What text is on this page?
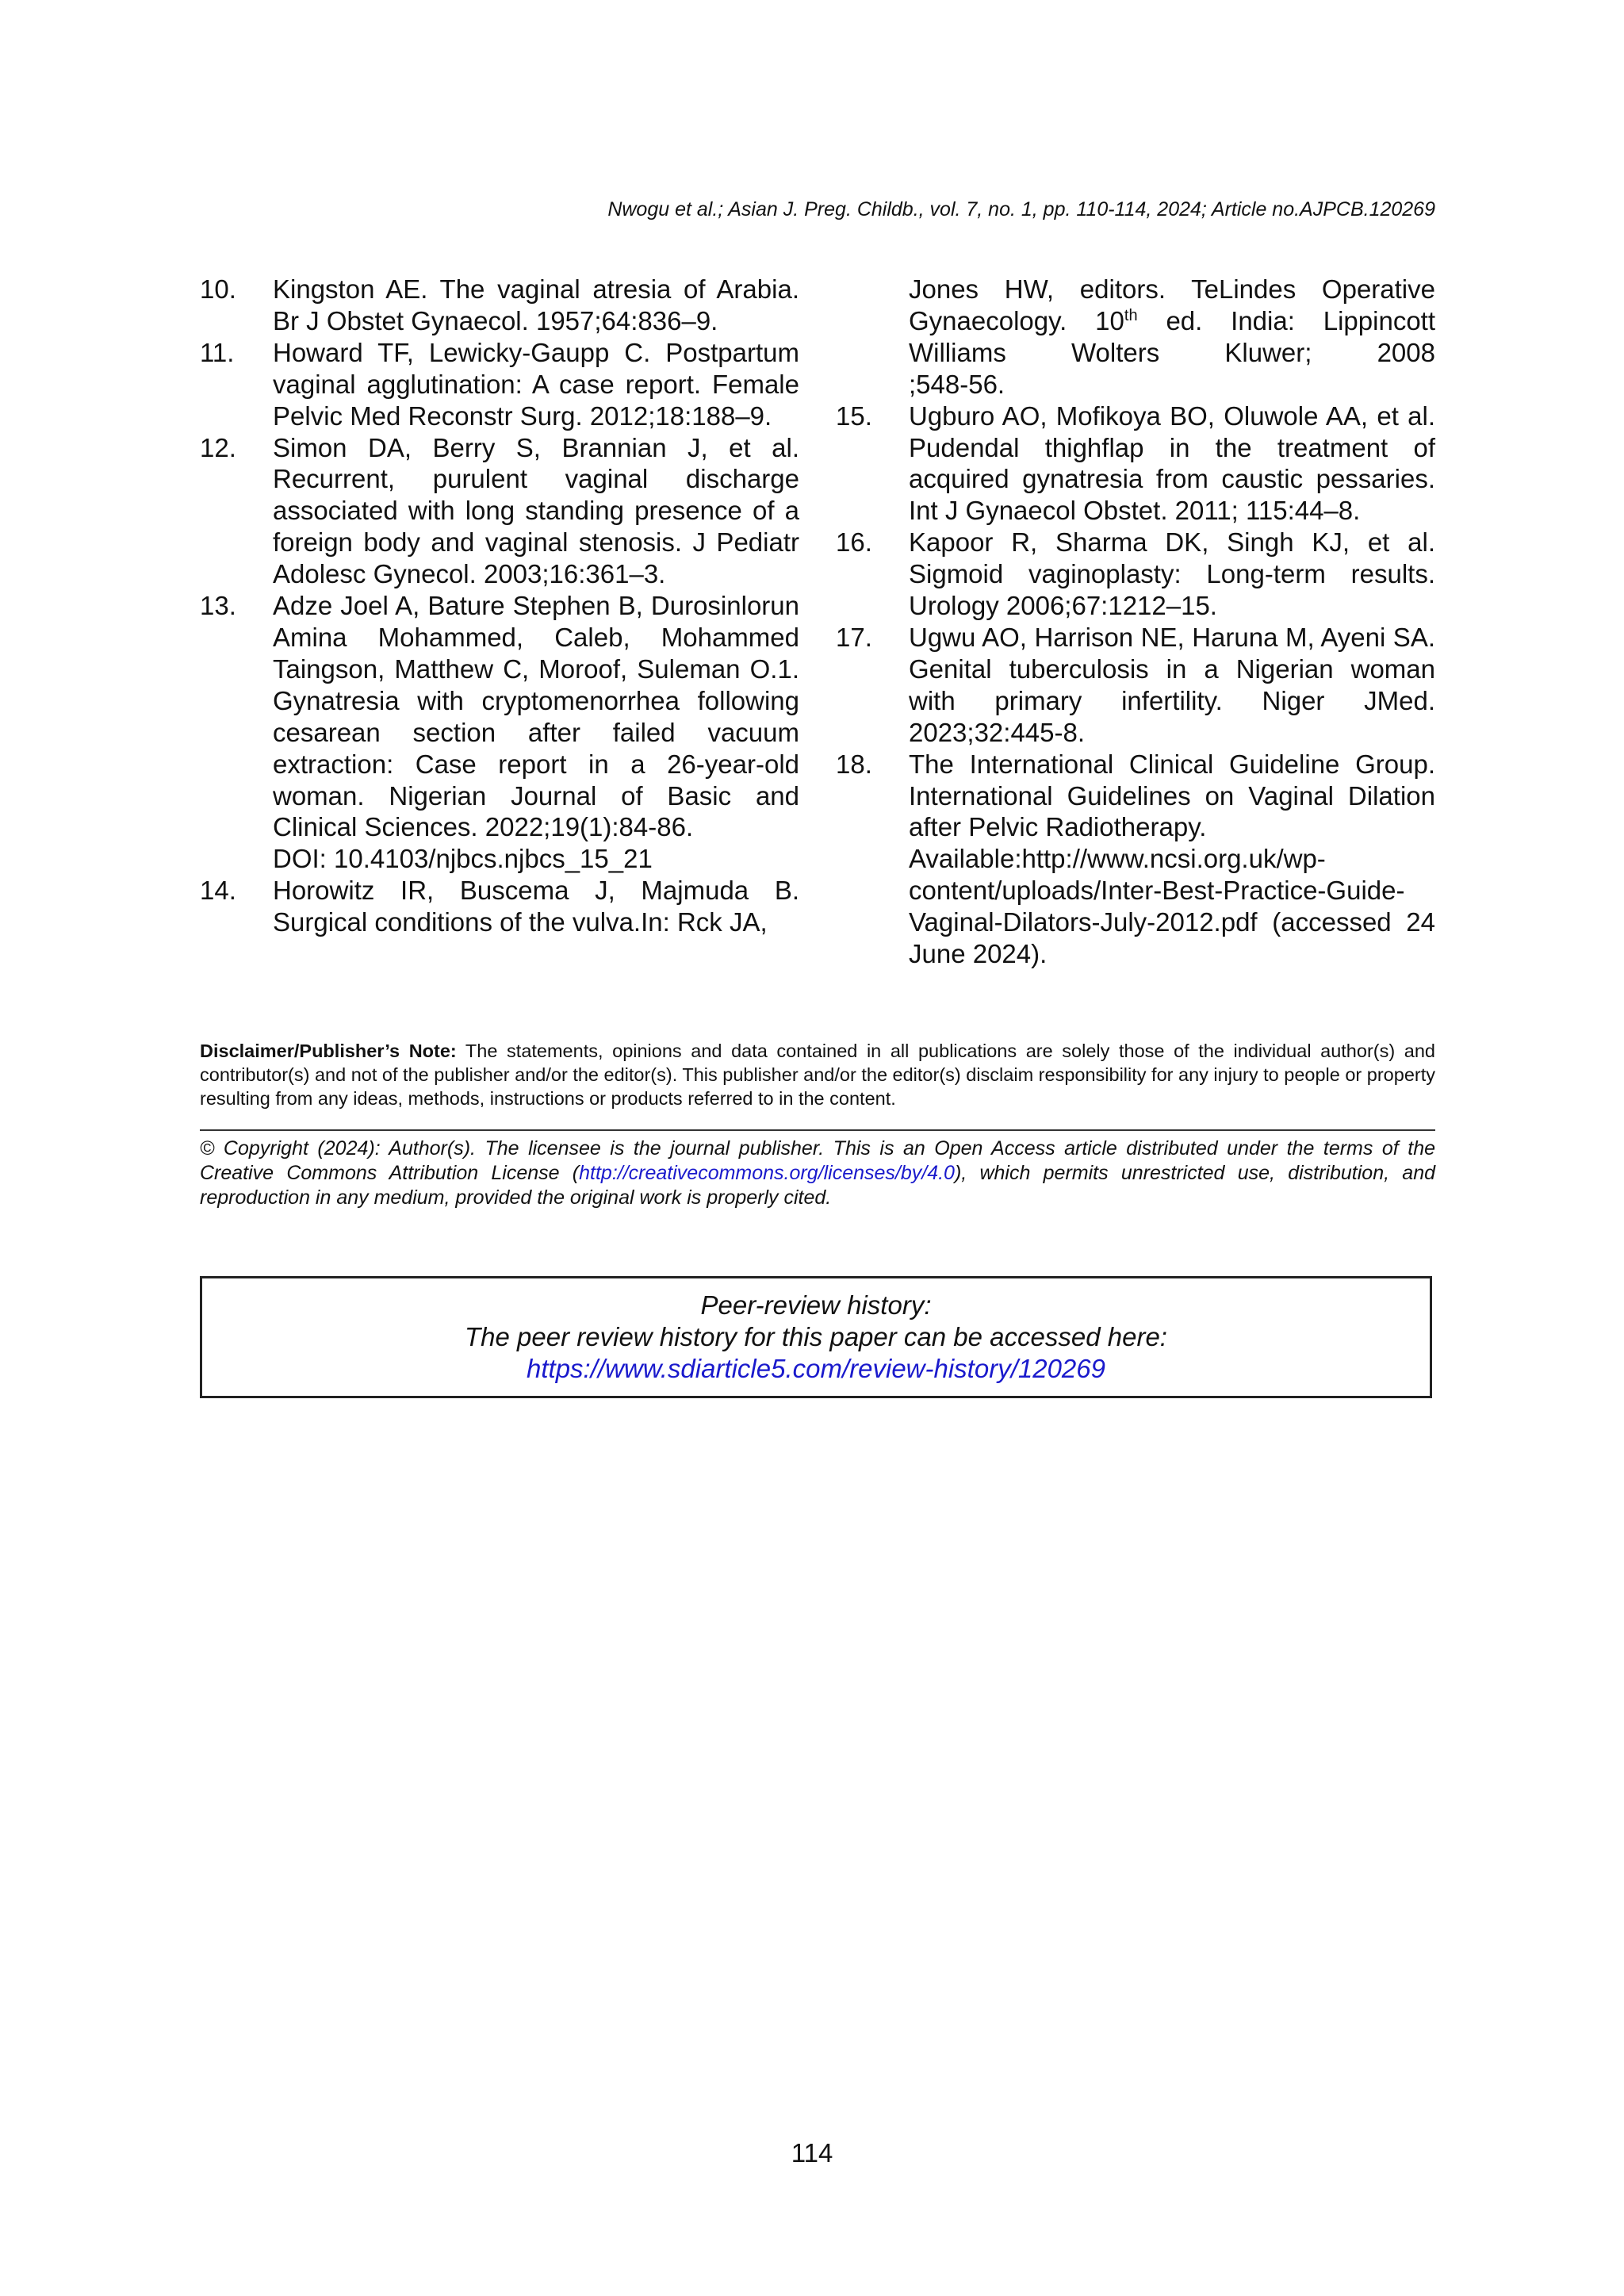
Nwogu et al.; Asian J. Preg. Childb., vol. 7, no. 1, pp. 110-114, 2024; Article no.AJPCB.120269
10.	Kingston AE. The vaginal atresia of Arabia. Br J Obstet Gynaecol. 1957;64:836–9.
11.	Howard TF, Lewicky-Gaupp C. Postpartum vaginal agglutination: A case report. Female Pelvic Med Reconstr Surg. 2012;18:188–9.
12.	Simon DA, Berry S, Brannian J, et al. Recurrent, purulent vaginal discharge associated with long standing presence of a foreign body and vaginal stenosis. J Pediatr Adolesc Gynecol. 2003;16:361–3.
13.	Adze Joel A, Bature Stephen B, Durosinlorun Amina Mohammed, Caleb, Mohammed Taingson, Matthew C, Moroof, Suleman O.1. Gynatresia with cryptomenorrhea following cesarean section after failed vacuum extraction: Case report in a 26-year-old woman. Nigerian Journal of Basic and Clinical Sciences. 2022;19(1):84-86.
DOI: 10.4103/njbcs.njbcs_15_21
14.	Horowitz IR, Buscema J, Majmuda B. Surgical conditions of the vulva.In: Rck JA,
Jones HW, editors. TeLindes Operative
Gynaecology. 10th ed. India: Lippincott
Williams Wolters Kluwer; 2008
;548-56.
15.	Ugburo AO, Mofikoya BO, Oluwole AA, et al. Pudendal thighflap in the treatment of acquired gynatresia from caustic pessaries. Int J Gynaecol Obstet. 2011; 115:44–8.
16.	Kapoor R, Sharma DK, Singh KJ, et al. Sigmoid vaginoplasty: Long-term results. Urology 2006;67:1212–15.
17.	Ugwu AO, Harrison NE, Haruna M, Ayeni SA. Genital tuberculosis in a Nigerian woman with primary infertility. Niger JMed. 2023;32:445-8.
18.	The International Clinical Guideline Group. International Guidelines on Vaginal Dilation after Pelvic Radiotherapy.
Available:http://www.ncsi.org.uk/wp-
content/uploads/Inter-Best-Practice-Guide-
Vaginal-Dilators-July-2012.pdf (accessed 24 June 2024).
Disclaimer/Publisher’s Note: The statements, opinions and data contained in all publications are solely those of the individual author(s) and contributor(s) and not of the publisher and/or the editor(s). This publisher and/or the editor(s) disclaim responsibility for any injury to people or property resulting from any ideas, methods, instructions or products referred to in the content.
© Copyright (2024): Author(s). The licensee is the journal publisher. This is an Open Access article distributed under the terms of the Creative Commons Attribution License (http://creativecommons.org/licenses/by/4.0), which permits unrestricted use, distribution, and reproduction in any medium, provided the original work is properly cited.
Peer-review history:
The peer review history for this paper can be accessed here:
https://www.sdiarticle5.com/review-history/120269
114
